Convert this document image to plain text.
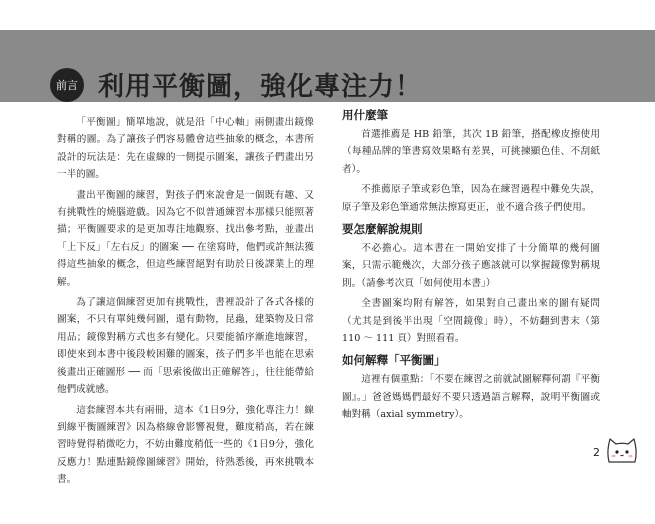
前言 利用平衡圖，強化專注力！

「平衡圖」簡單地說，就是沿「中心軸」兩側畫出鏡像對稱的圖。為了讓孩子們容易體會這些抽象的概念，本書所設計的玩法是：先在虛線的一側提示圖案，讓孩子們畫出另一半的圖。

畫出平衡圖的練習，對孩子們來說會是一個既有趣、又有挑戰性的燒腦遊戲。因為它不似普通練習本那樣只能照著描；平衡圖要求的是更加專注地觀察、找出參考點，並畫出「上下反」「左右反」的圖案 ── 在塗寫時，他們或許無法獲得這些抽象的概念，但這些練習絕對有助於日後課業上的理解。

為了讓這個練習更加有挑戰性，書裡設計了各式各樣的圖案，不只有單純幾何圖，還有動物，昆蟲，建築物及日常用品；鏡像對稱方式也多有變化。只要能循序漸進地練習，即使來到本書中後段較困難的圖案，孩子們多半也能在思索後畫出正確圖形 ── 而「思索後做出正確解答」，往往能帶給他們成就感。

這套練習本共有兩冊，這本《1日9分，強化專注力！線到線平衡圖練習》因為格線會影響視覺，難度稍高，若在練習時覺得稍微吃力，不妨由難度稍低一些的《1日9分，強化反應力！點連點鏡像圖練習》開始，待熟悉後，再來挑戰本書。

用什麼筆

首選推薦是 HB 鉛筆，其次 1B 鉛筆，搭配橡皮擦使用（每種品牌的筆書寫效果略有差異，可挑揀顯色佳、不刮紙者）。

不推薦原子筆或彩色筆，因為在練習過程中難免失誤，原子筆及彩色筆通常無法擦寫更正，並不適合孩子們使用。

要怎麼解說規則

不必擔心。這本書在一開始安排了十分簡單的幾何圖案，只需示範幾次，大部分孩子應該就可以掌握鏡像對稱規則。（請參考次頁「如何使用本書」）

全書圖案均附有解答，如果對自己畫出來的圖有疑問（尤其是到後半出現「空間鏡像」時），不妨翻到書末（第 110 ～ 111 頁）對照看看。

如何解釋「平衡圖」

這裡有個重點：「不要在練習之前就試圖解釋何謂『平衡圖』。」爸爸媽媽們最好不要只透過語言解釋，說明平衡圖或軸對稱（axial symmetry）。

2
